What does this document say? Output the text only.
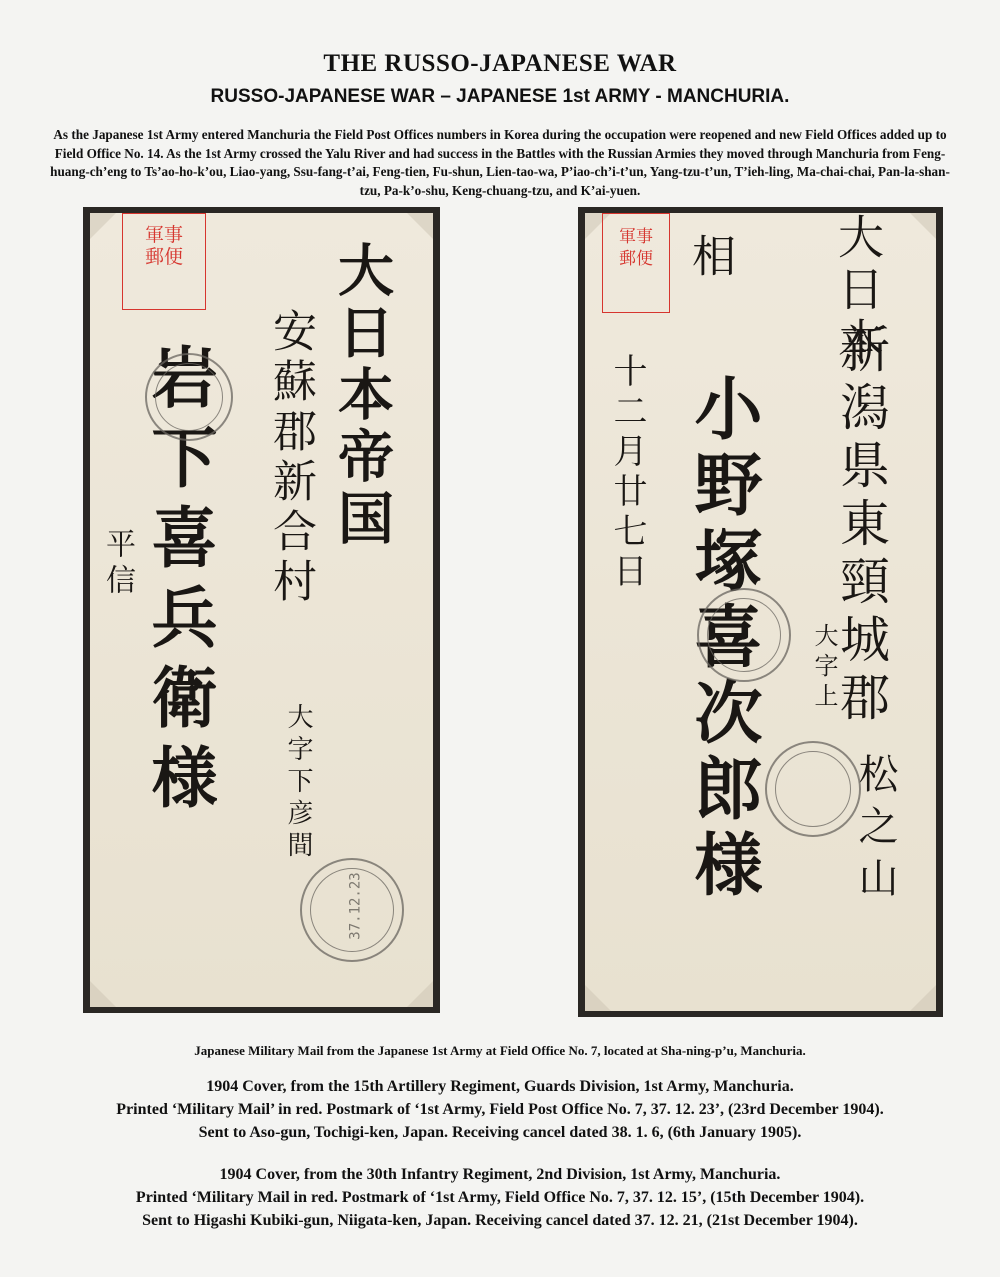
THE RUSSO-JAPANESE WAR
RUSSO-JAPANESE WAR – JAPANESE 1st ARMY - MANCHURIA.
As the Japanese 1st Army entered Manchuria the Field Post Offices numbers in Korea during the occupation were reopened and new Field Offices added up to Field Office No. 14. As the 1st Army crossed the Yalu River and had success in the Battles with the Russian Armies they moved through Manchuria from Feng-huang-ch’eng to Ts’ao-ho-k’ou, Liao-yang, Ssu-fang-t’ai, Feng-tien, Fu-shun, Lien-tao-wa, P’iao-ch’i-t’un, Yang-tzu-t’un, T’ieh-ling, Ma-chai-chai, Pan-la-shan-tzu, Pa-k’o-shu, Keng-chuang-tzu, and K’ai-yuen.
軍事
郵便	大日本帝国
安蘇郡新合村
大字下彦間
岩下喜兵衛様
平信
37.12.23
軍事
郵便	大日本
新潟県東頸城郡
大字上
松之山
小野塚喜次郎様
十二月廿七日
相
Japanese Military Mail from the Japanese 1st Army at Field Office No. 7, located at Sha-ning-p’u, Manchuria.
1904 Cover, from the 15th Artillery Regiment, Guards Division, 1st Army, Manchuria.
Printed ‘Military Mail’ in red. Postmark of ‘1st Army, Field Post Office No. 7, 37. 12. 23’, (23rd December 1904).
Sent to Aso-gun, Tochigi-ken, Japan. Receiving cancel dated 38. 1. 6, (6th January 1905).
1904 Cover, from the 30th Infantry Regiment, 2nd Division, 1st Army, Manchuria.
Printed ‘Military Mail in red. Postmark of ‘1st Army, Field Office No. 7, 37. 12. 15’, (15th December 1904).
Sent to Higashi Kubiki-gun, Niigata-ken, Japan. Receiving cancel dated 37. 12. 21, (21st December 1904).
